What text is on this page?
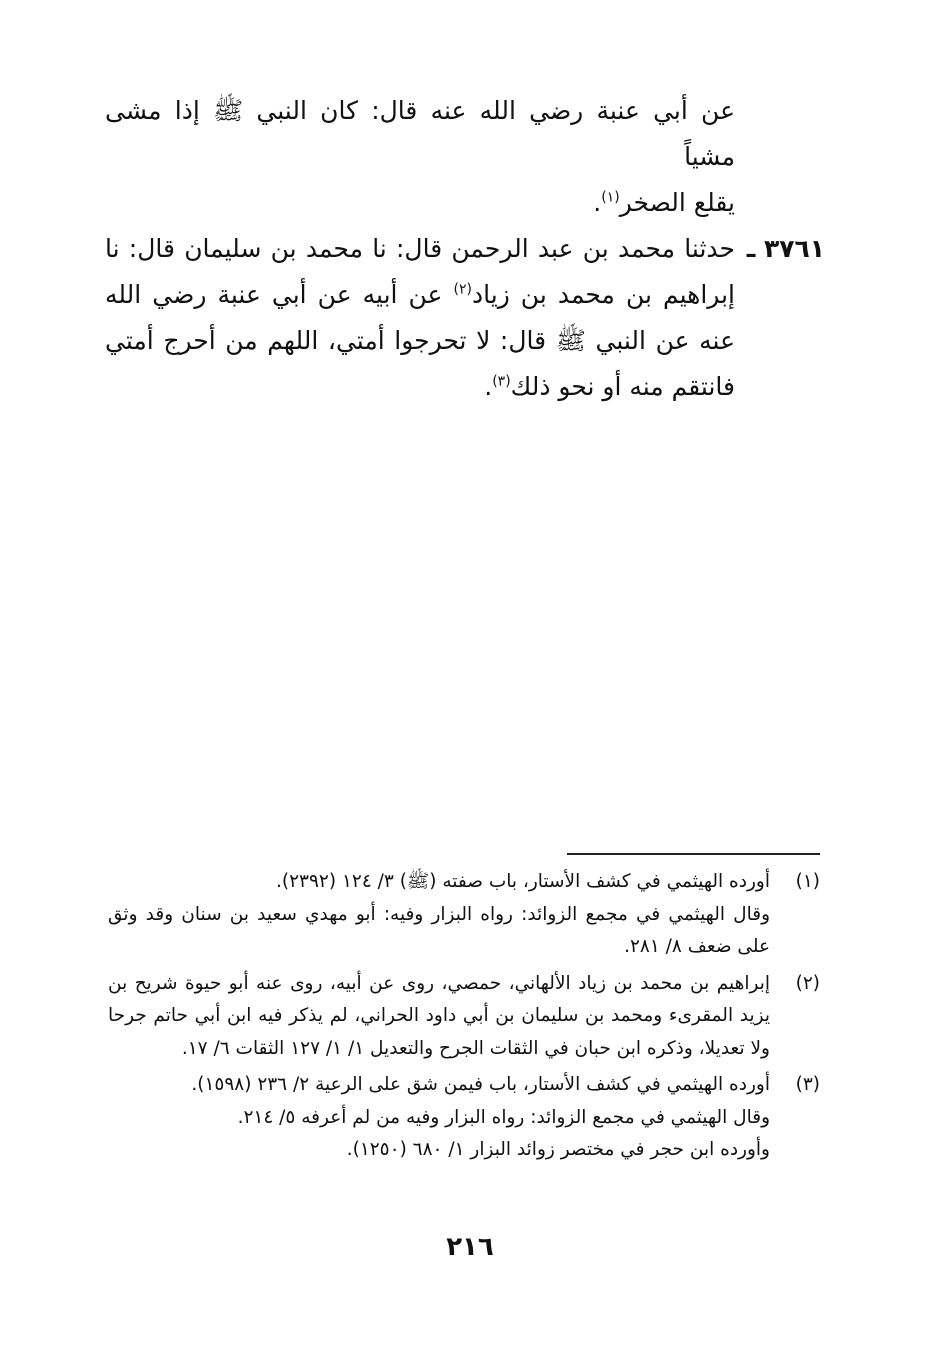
عن أبي عنبة رضي الله عنه قال: كان النبي ﷺ إذا مشى مشياً
يقلع الصخر$^{(١)}$.
٣٧٦١ ـ
حدثنا محمد بن عبد الرحمن قال: نا محمد بن سليمان قال: نا إبراهيم بن محمد بن زياد$^{(٢)}$ عن أبيه عن أبي عنبة رضي الله عنه عن النبي ﷺ قال: لا تحرجوا أمتي، اللهم من أحرج أمتي فانتقم منه أو نحو ذلك$^{(٣)}$.
(١)

أورده الهيثمي في كشف الأستار، باب صفته (ﷺ) ٣/ ١٢٤ (٢٣٩٢).

وقال الهيثمي في مجمع الزوائد: رواه البزار وفيه: أبو مهدي سعيد بن سنان وقد وثق على ضعف ٨/ ٢٨١.

(٢)

إبراهيم بن محمد بن زياد الألهاني، حمصي، روى عن أبيه، روى عنه أبو حيوة شريح بن يزيد المقرىء ومحمد بن سليمان بن أبي داود الحراني، لم يذكر فيه ابن أبي حاتم جرحا ولا تعديلا، وذكره ابن حبان في الثقات الجرح والتعديل ١/ ١/ ١٢٧ الثقات ٦/ ١٧.

(٣)

أورده الهيثمي في كشف الأستار، باب فيمن شق على الرعية ٢/ ٢٣٦ (١٥٩٨).

وقال الهيثمي في مجمع الزوائد: رواه البزار وفيه من لم أعرفه ٥/ ٢١٤.

وأورده ابن حجر في مختصر زوائد البزار ١/ ٦٨٠ (١٢٥٠).

٢١٦
